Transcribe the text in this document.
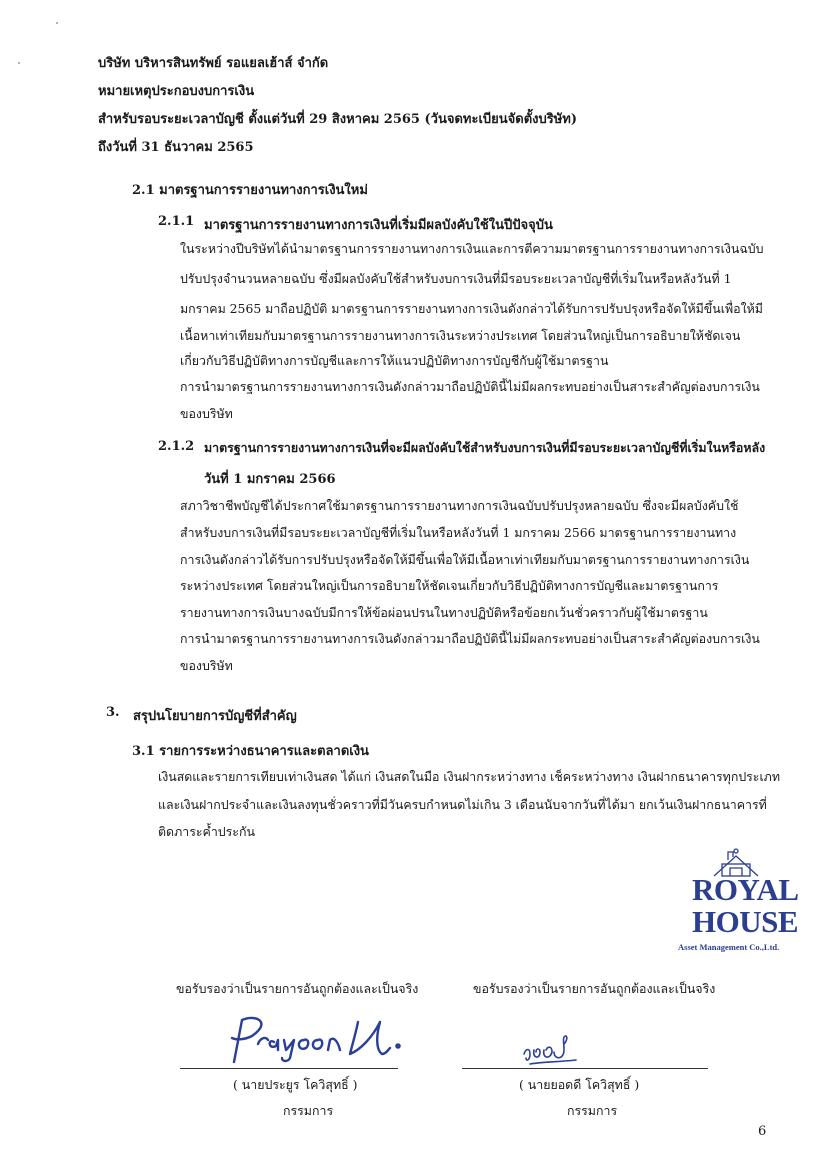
บริษัท บริหารสินทรัพย์ รอแยลเฮ้าส์ จำกัด
หมายเหตุประกอบงบการเงิน
สำหรับรอบระยะเวลาบัญชี ตั้งแต่วันที่ 29 สิงหาคม 2565 (วันจดทะเบียนจัดตั้งบริษัท)
ถึงวันที่ 31 ธันวาคม 2565
2.1 มาตรฐานการรายงานทางการเงินใหม่
2.1.1 มาตรฐานการรายงานทางการเงินที่เริ่มมีผลบังคับใช้ในปีปัจจุบัน
ในระหว่างปีบริษัทได้นำมาตรฐานการรายงานทางการเงินและการตีความมาตรฐานการรายงานทางการเงินฉบับ
ปรับปรุงจำนวนหลายฉบับ ซึ่งมีผลบังคับใช้สำหรับงบการเงินที่มีรอบระยะเวลาบัญชีที่เริ่มในหรือหลังวันที่ 1
มกราคม 2565 มาถือปฏิบัติ มาตรฐานการรายงานทางการเงินดังกล่าวได้รับการปรับปรุงหรือจัดให้มีขึ้นเพื่อให้มี
เนื้อหาเท่าเทียมกับมาตรฐานการรายงานทางการเงินระหว่างประเทศ โดยส่วนใหญ่เป็นการอธิบายให้ชัดเจน
เกี่ยวกับวิธีปฏิบัติทางการบัญชีและการให้แนวปฏิบัติทางการบัญชีกับผู้ใช้มาตรฐาน
การนำมาตรฐานการรายงานทางการเงินดังกล่าวมาถือปฏิบัตินี้ไม่มีผลกระทบอย่างเป็นสาระสำคัญต่องบการเงิน
ของบริษัท
2.1.2 มาตรฐานการรายงานทางการเงินที่จะมีผลบังคับใช้สำหรับงบการเงินที่มีรอบระยะเวลาบัญชีที่เริ่มในหรือหลัง
วันที่ 1 มกราคม 2566
สภาวิชาชีพบัญชีได้ประกาศใช้มาตรฐานการรายงานทางการเงินฉบับปรับปรุงหลายฉบับ ซึ่งจะมีผลบังคับใช้
สำหรับงบการเงินที่มีรอบระยะเวลาบัญชีที่เริ่มในหรือหลังวันที่ 1 มกราคม 2566 มาตรฐานการรายงานทาง
การเงินดังกล่าวได้รับการปรับปรุงหรือจัดให้มีขึ้นเพื่อให้มีเนื้อหาเท่าเทียมกับมาตรฐานการรายงานทางการเงิน
ระหว่างประเทศ โดยส่วนใหญ่เป็นการอธิบายให้ชัดเจนเกี่ยวกับวิธีปฏิบัติทางการบัญชีและมาตรฐานการ
รายงานทางการเงินบางฉบับมีการให้ข้อผ่อนปรนในทางปฏิบัติหรือข้อยกเว้นชั่วคราวกับผู้ใช้มาตรฐาน
การนำมาตรฐานการรายงานทางการเงินดังกล่าวมาถือปฏิบัตินี้ไม่มีผลกระทบอย่างเป็นสาระสำคัญต่องบการเงิน
ของบริษัท
3. สรุปนโยบายการบัญชีที่สำคัญ
3.1 รายการระหว่างธนาคารและตลาดเงิน
เงินสดและรายการเทียบเท่าเงินสด ได้แก่ เงินสดในมือ เงินฝากระหว่างทาง เช็คระหว่างทาง เงินฝากธนาคารทุกประเภท
และเงินฝากประจำและเงินลงทุนชั่วคราวที่มีวันครบกำหนดไม่เกิน 3 เดือนนับจากวันที่ได้มา ยกเว้นเงินฝากธนาคารที่
ติดภาระค้ำประกัน
ROYAL
HOUSE
Asset Management Co.,Ltd.
ขอรับรองว่าเป็นรายการอันถูกต้องและเป็นจริง
( นายประยูร โควิสุทธิ์ )
กรรมการ
ขอรับรองว่าเป็นรายการอันถูกต้องและเป็นจริง
( นายยอดดี โควิสุทธิ์ )
กรรมการ
6
